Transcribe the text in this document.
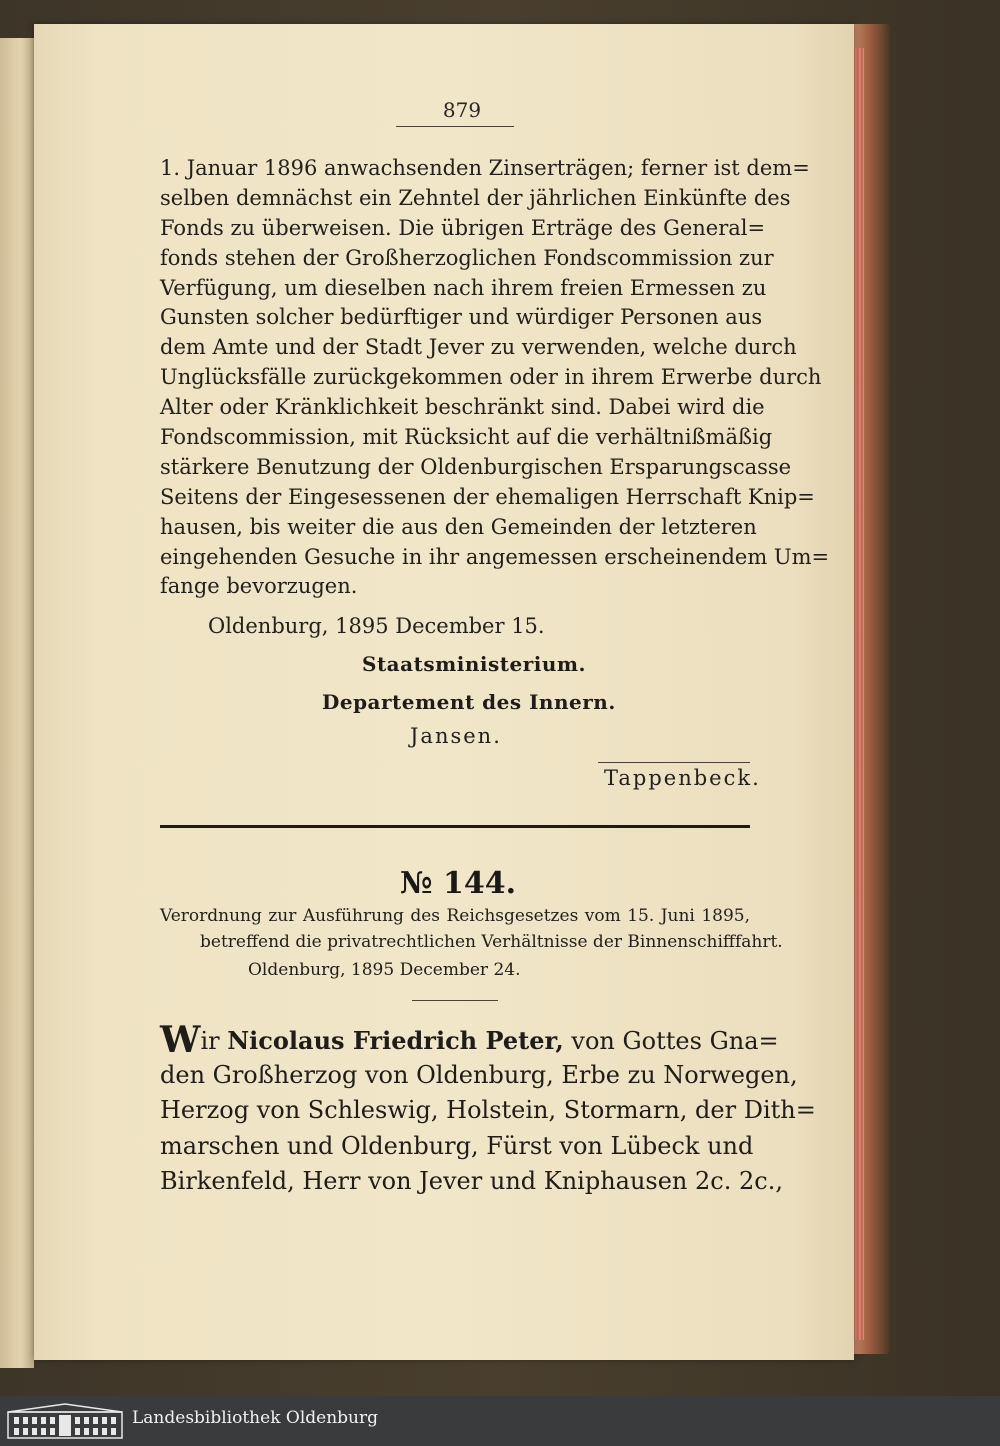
879
1. Januar 1896 anwachsenden Zinserträgen; ferner ist dem=
selben demnächst ein Zehntel der jährlichen Einkünfte des
Fonds zu überweisen. Die übrigen Erträge des General=
fonds stehen der Großherzoglichen Fondscommission zur
Verfügung, um dieselben nach ihrem freien Ermessen zu
Gunsten solcher bedürftiger und würdiger Personen aus
dem Amte und der Stadt Jever zu verwenden, welche durch
Unglücksfälle zurückgekommen oder in ihrem Erwerbe durch
Alter oder Kränklichkeit beschränkt sind. Dabei wird die
Fondscommission, mit Rücksicht auf die verhältnißmäßig
stärkere Benutzung der Oldenburgischen Ersparungscasse
Seitens der Eingesessenen der ehemaligen Herrschaft Knip=
hausen, bis weiter die aus den Gemeinden der letzteren
eingehenden Gesuche in ihr angemessen erscheinendem Um=
fange bevorzugen.
Oldenburg, 1895 December 15.
Staatsministerium.
Departement des Innern.
Jansen.
Tappenbeck.
№ 144.
Verordnung zur Ausführung des Reichsgesetzes vom 15. Juni 1895,
betreffend die privatrechtlichen Verhältnisse der Binnenschifffahrt.
Oldenburg, 1895 December 24.
Wir Nicolaus Friedrich Peter, von Gottes Gna=
den Großherzog von Oldenburg, Erbe zu Norwegen,
Herzog von Schleswig, Holstein, Stormarn, der Dith=
marschen und Oldenburg, Fürst von Lübeck und
Birkenfeld, Herr von Jever und Kniphausen 2c. 2c.,
Landesbibliothek Oldenburg
